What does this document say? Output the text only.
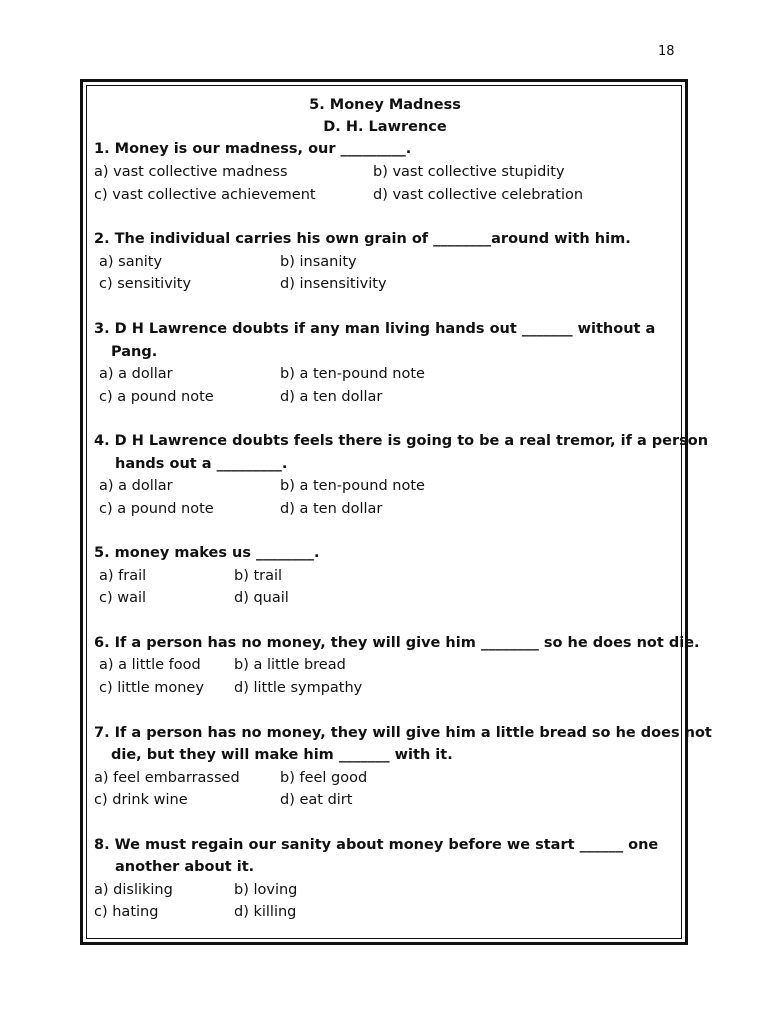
18
5. Money Madness
D. H. Lawrence
1. Money is our madness, our _________.
a) vast collective madness	b) vast collective stupidity
c) vast collective achievement	d) vast collective celebration
2. The individual carries his own grain of ________around with him.
a) sanity	b) insanity
c) sensitivity	d) insensitivity
3. D H Lawrence doubts if any man living hands out _______ without a
Pang.
a) a dollar	b) a ten-pound note
c) a pound note	d) a ten dollar
4. D H Lawrence doubts feels there is going to be a real tremor, if a person
hands out a _________.
a) a dollar	b) a ten-pound note
c) a pound note	d) a ten dollar
5. money makes us ________.
a) frail	b) trail
c) wail	d) quail
6. If a person has no money, they will give him ________ so he does not die.
a) a little food b) a little bread
c) little money d) little sympathy
7. If a person has no money, they will give him a little bread so he does not
die, but they will make him _______ with it.
a) feel embarrassed	b) feel good
c) drink wine	d) eat dirt
8. We must regain our sanity about money before we start ______ one
another about it.
a) disliking	b) loving
c) hating	d) killing
